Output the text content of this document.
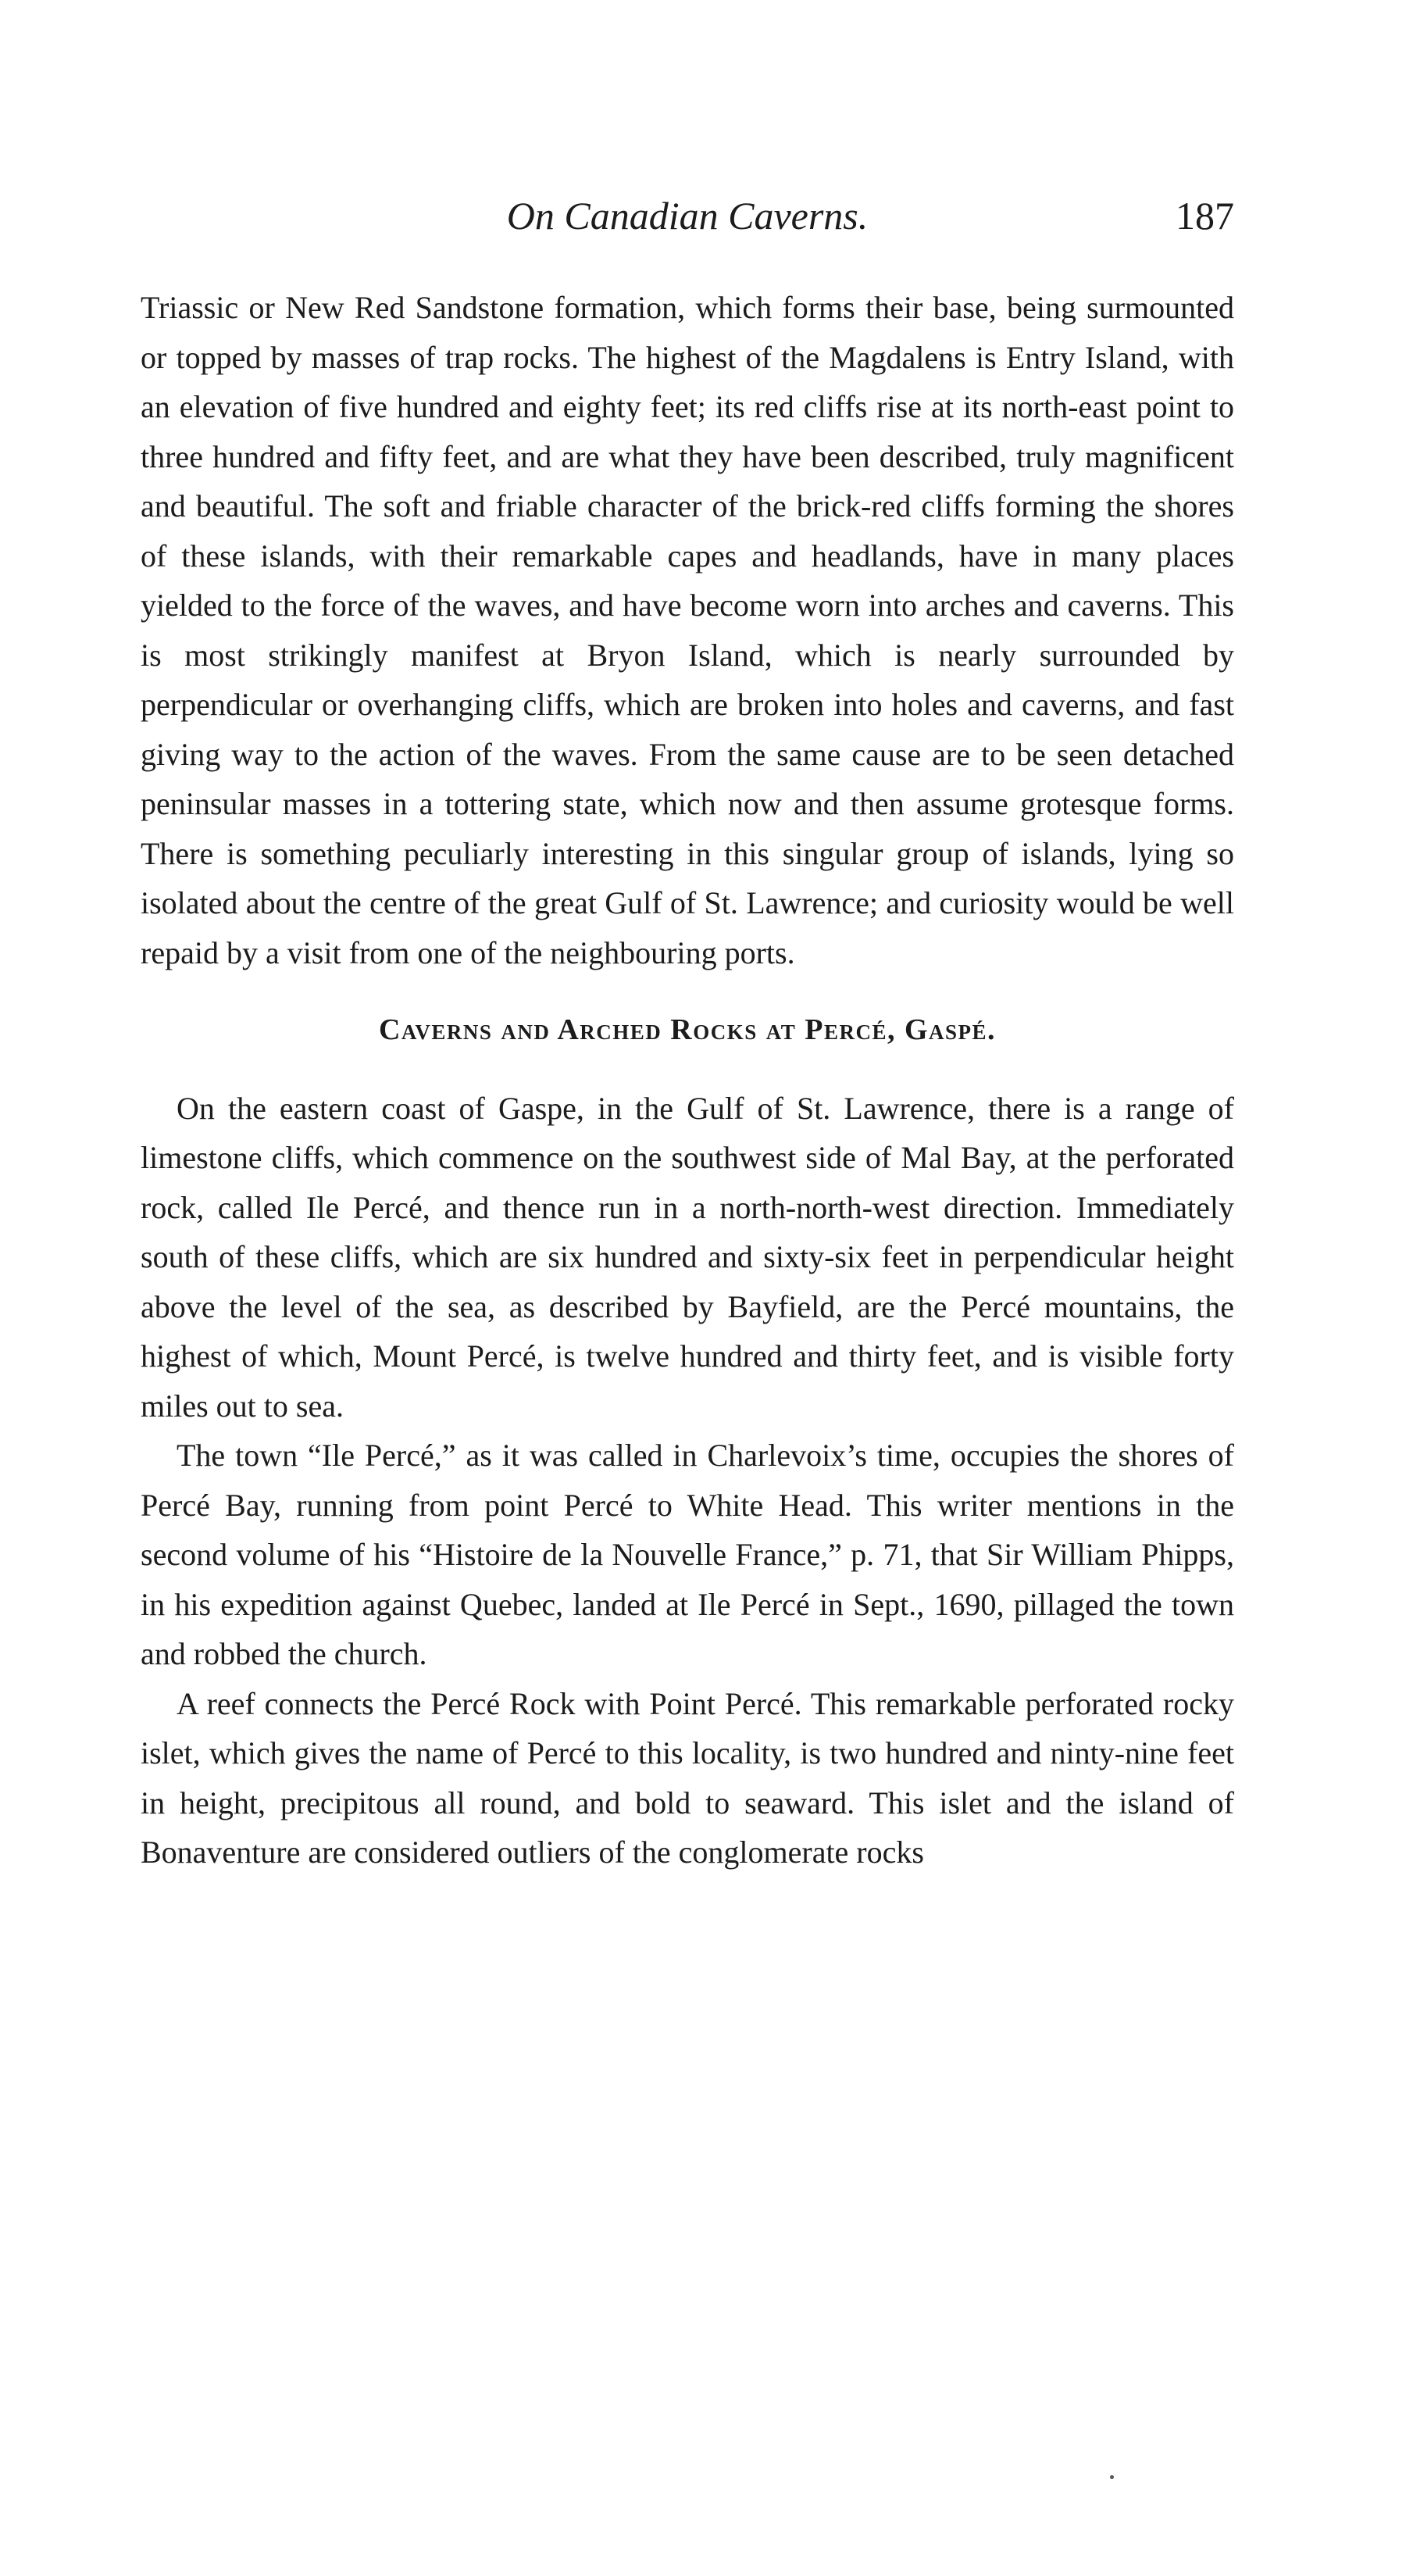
On Canadian Caverns.	187

Triassic or New Red Sandstone formation, which forms their base, being surmounted or topped by masses of trap rocks. The highest of the Magdalens is Entry Island, with an elevation of five hundred and eighty feet; its red cliffs rise at its north-east point to three hundred and fifty feet, and are what they have been described, truly magnificent and beautiful. The soft and friable character of the brick-red cliffs forming the shores of these islands, with their remarkable capes and headlands, have in many places yielded to the force of the waves, and have become worn into arches and caverns. This is most strikingly manifest at Bryon Island, which is nearly surrounded by perpendicular or overhanging cliffs, which are broken into holes and caverns, and fast giving way to the action of the waves. From the same cause are to be seen detached peninsular masses in a tottering state, which now and then assume grotesque forms. There is something peculiarly interesting in this singular group of islands, lying so isolated about the centre of the great Gulf of St. Lawrence; and curiosity would be well repaid by a visit from one of the neighbouring ports.

Caverns and Arched Rocks at Percé, Gaspé.

On the eastern coast of Gaspe, in the Gulf of St. Lawrence, there is a range of limestone cliffs, which commence on the southwest side of Mal Bay, at the perforated rock, called Ile Percé, and thence run in a north-north-west direction. Immediately south of these cliffs, which are six hundred and sixty-six feet in perpendicular height above the level of the sea, as described by Bayfield, are the Percé mountains, the highest of which, Mount Percé, is twelve hundred and thirty feet, and is visible forty miles out to sea.

The town “Ile Percé,” as it was called in Charlevoix’s time, occupies the shores of Percé Bay, running from point Percé to White Head. This writer mentions in the second volume of his “Histoire de la Nouvelle France,” p. 71, that Sir William Phipps, in his expedition against Quebec, landed at Ile Percé in Sept., 1690, pillaged the town and robbed the church.

A reef connects the Percé Rock with Point Percé. This remarkable perforated rocky islet, which gives the name of Percé to this locality, is two hundred and ninty-nine feet in height, precipitous all round, and bold to seaward. This islet and the island of Bonaventure are considered outliers of the conglomerate rocks
